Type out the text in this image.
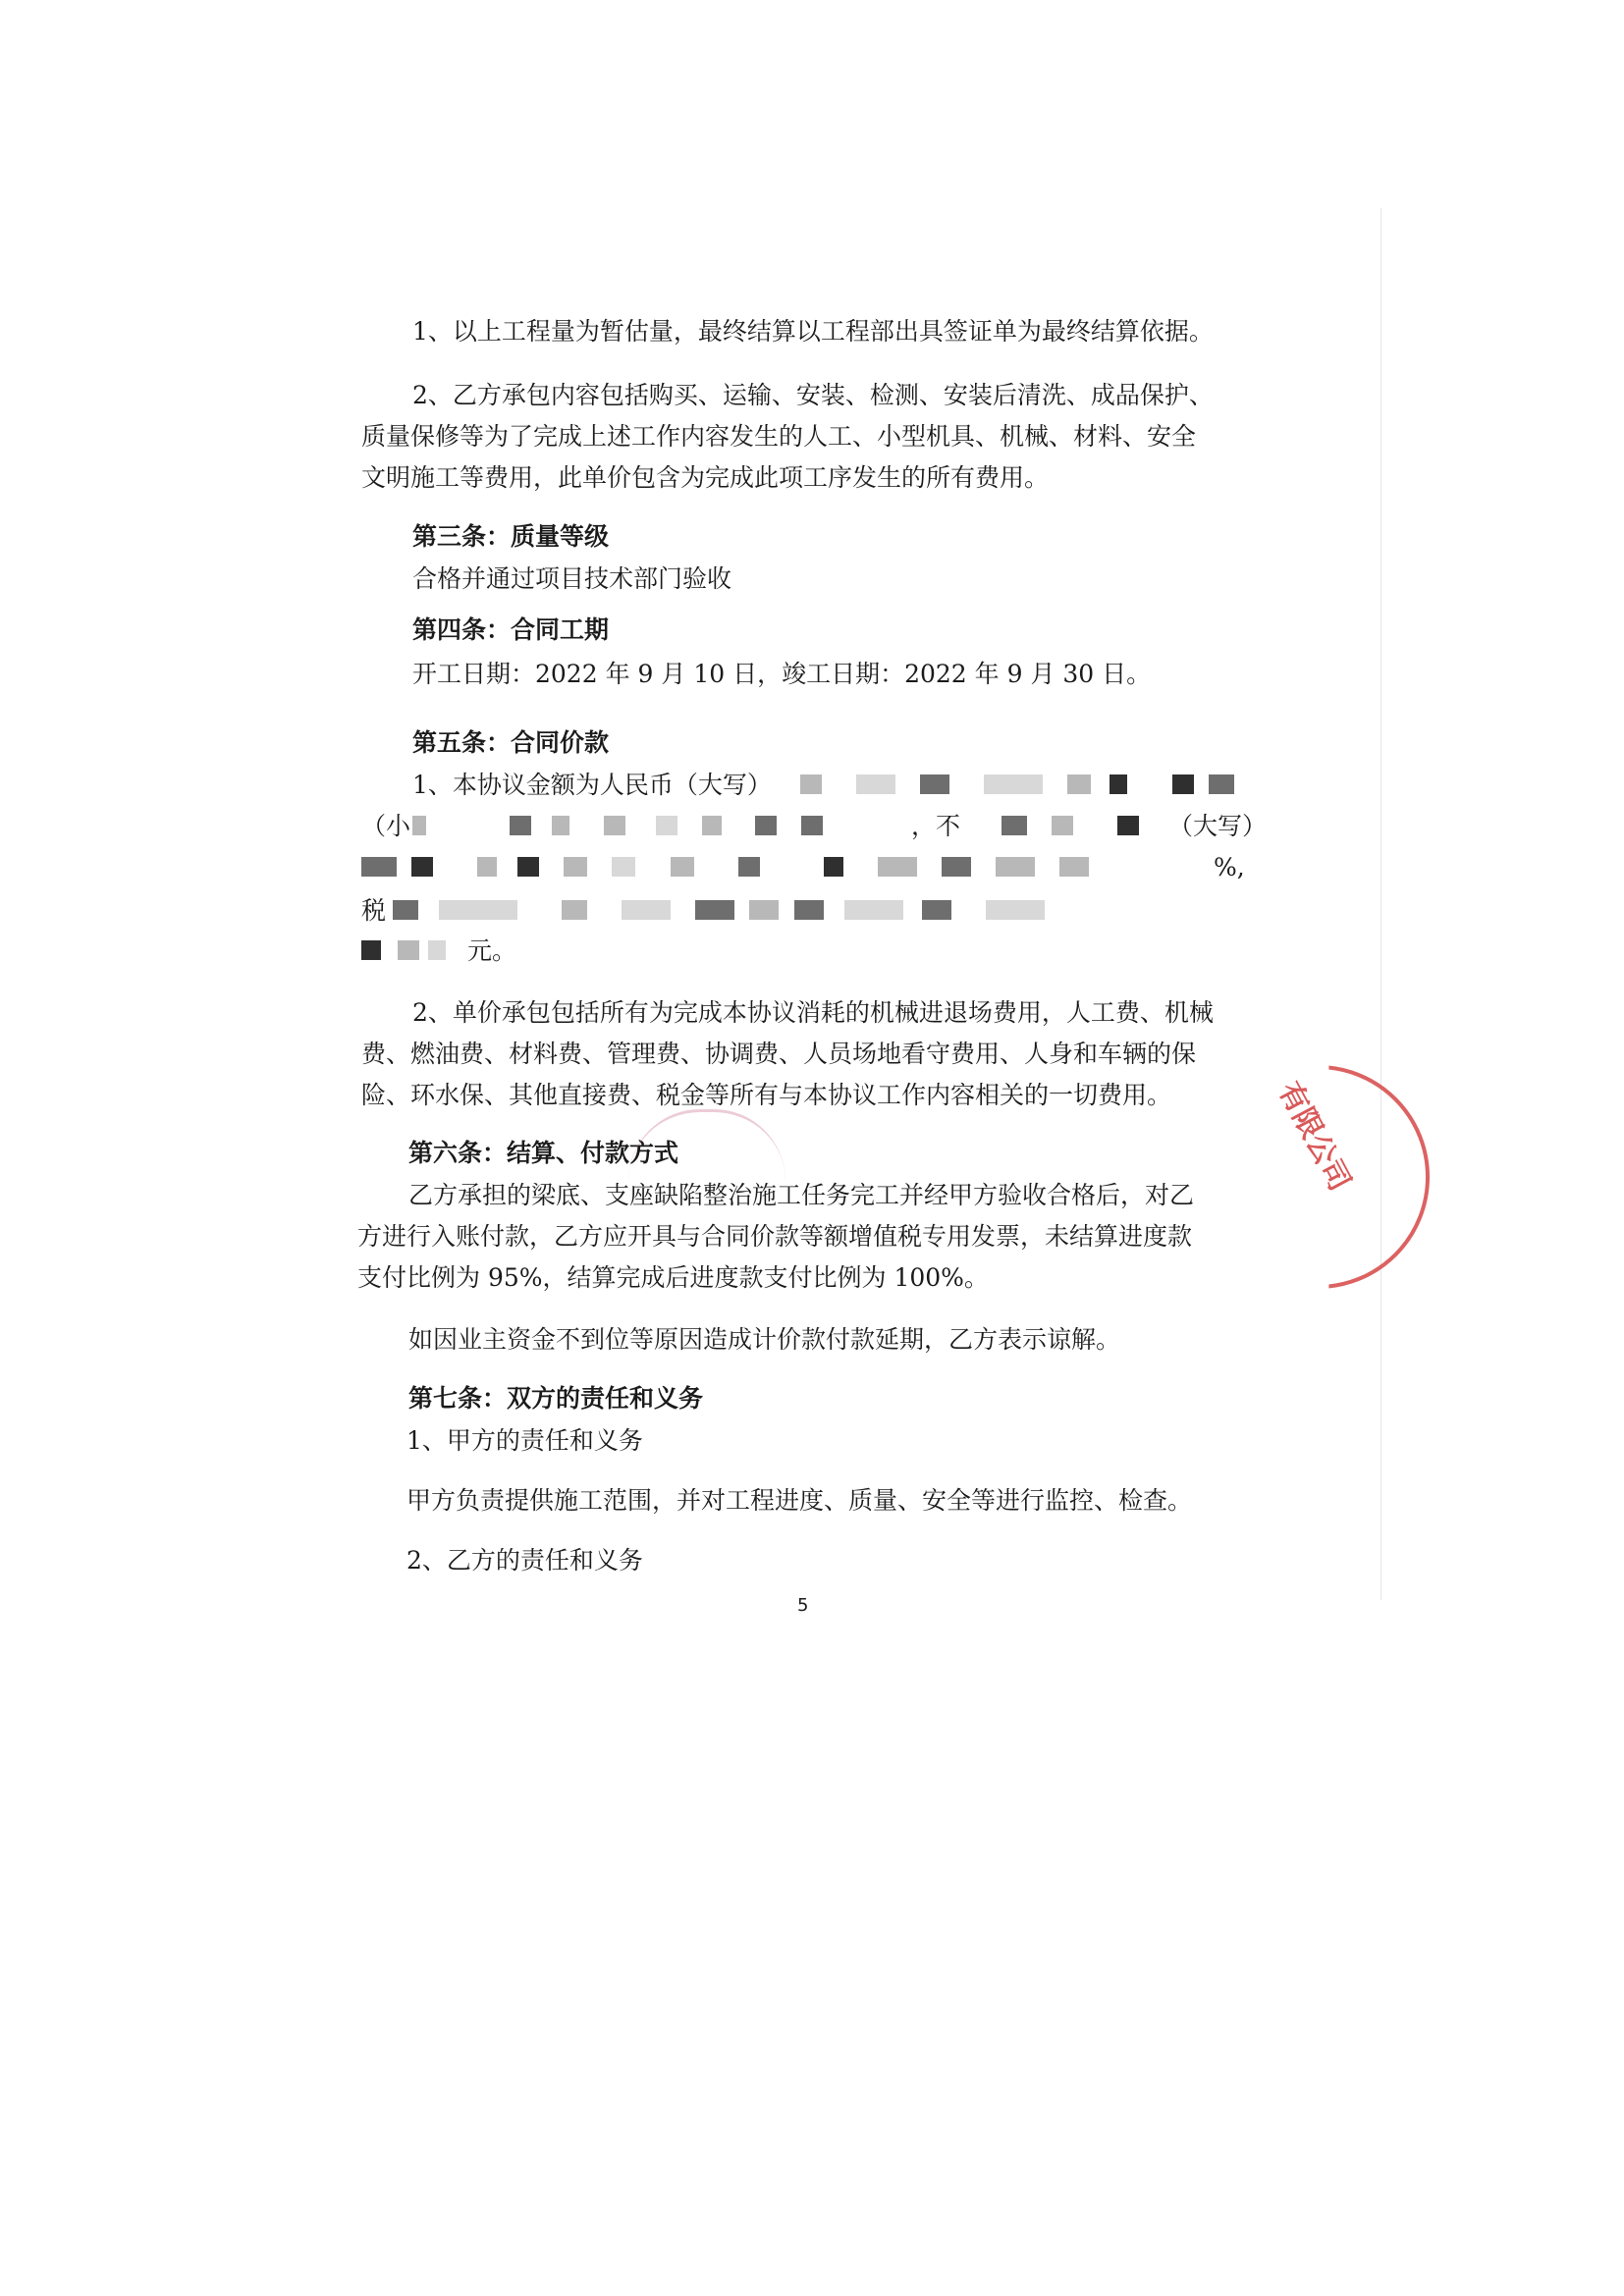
1、以上工程量为暂估量，最终结算以工程部出具签证单为最终结算依据。

2、乙方承包内容包括购买、运输、安装、检测、安装后清洗、成品保护、

质量保修等为了完成上述工作内容发生的人工、小型机具、机械、材料、安全

文明施工等费用，此单价包含为完成此项工序发生的所有费用。

第三条：质量等级

合格并通过项目技术部门验收

第四条：合同工期

开工日期：2022 年 9 月 10 日，竣工日期：2022 年 9 月 30 日。

第五条：合同价款

1、本协议金额为人民币（大写）

（小

	，不

	（大写）

%,

税

元。

2、单价承包包括所有为完成本协议消耗的机械进退场费用，人工费、机械

费、燃油费、材料费、管理费、协调费、人员场地看守费用、人身和车辆的保

险、环水保、其他直接费、税金等所有与本协议工作内容相关的一切费用。

第六条：结算、付款方式

乙方承担的梁底、支座缺陷整治施工任务完工并经甲方验收合格后，对乙

方进行入账付款，乙方应开具与合同价款等额增值税专用发票，未结算进度款

支付比例为 95%，结算完成后进度款支付比例为 100%。

如因业主资金不到位等原因造成计价款付款延期，乙方表示谅解。

第七条：双方的责任和义务

1、甲方的责任和义务

甲方负责提供施工范围，并对工程进度、质量、安全等进行监控、检查。

2、乙方的责任和义务

有限公司
5
